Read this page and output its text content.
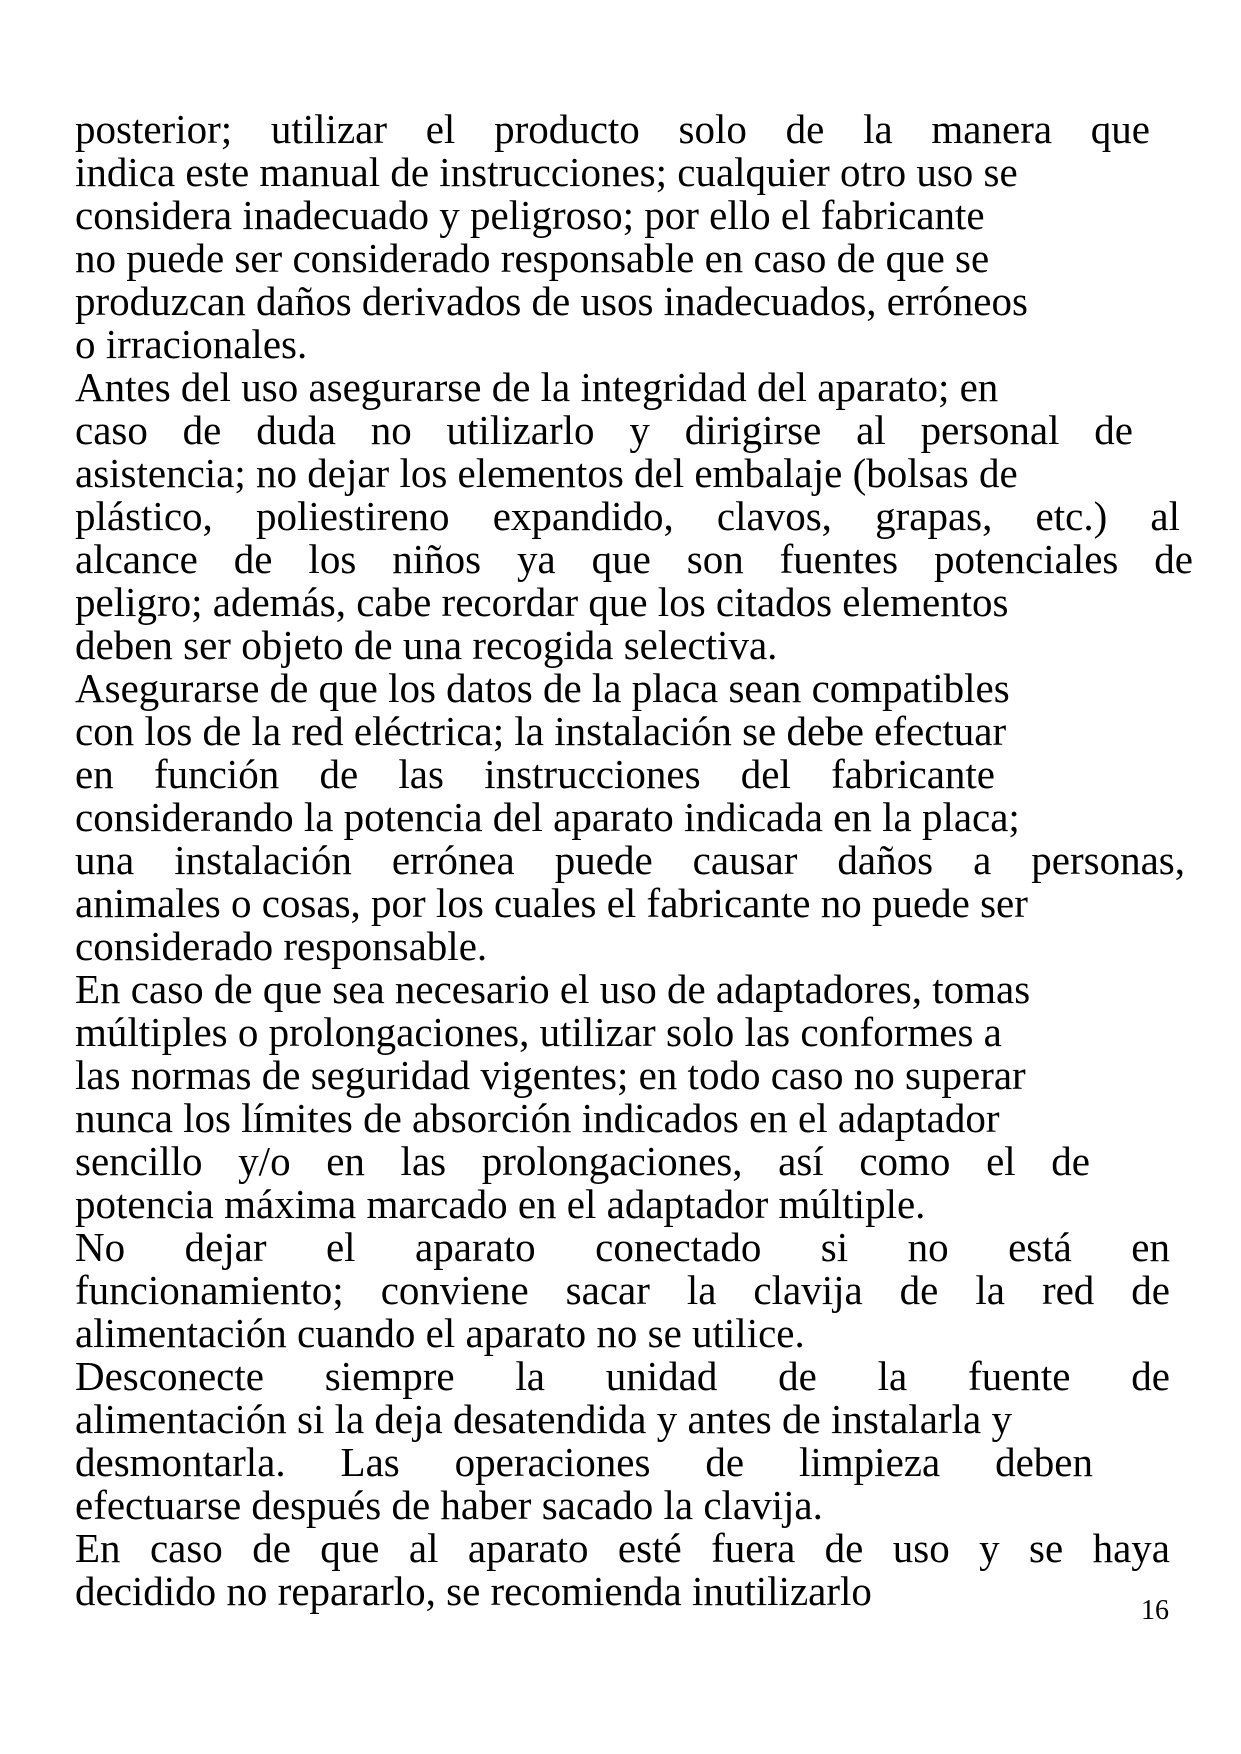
posterior; utilizar el producto solo de la manera que
indica este manual de instrucciones; cualquier otro uso se
considera inadecuado y peligroso; por ello el fabricante
no puede ser considerado responsable en caso de que se
produzcan daños derivados de usos inadecuados, erróneos
o irracionales.
Antes del uso asegurarse de la integridad del aparato; en
caso de duda no utilizarlo y dirigirse al personal de
asistencia; no dejar los elementos del embalaje (bolsas de
plástico, poliestireno expandido, clavos, grapas, etc.) al
alcance de los niños ya que son fuentes potenciales de
peligro; además, cabe recordar que los citados elementos
deben ser objeto de una recogida selectiva.
Asegurarse de que los datos de la placa sean compatibles
con los de la red eléctrica; la instalación se debe efectuar
en función de las instrucciones del fabricante
considerando la potencia del aparato indicada en la placa;
una instalación errónea puede causar daños a personas,
animales o cosas, por los cuales el fabricante no puede ser
considerado responsable.
En caso de que sea necesario el uso de adaptadores, tomas
múltiples o prolongaciones, utilizar solo las conformes a
las normas de seguridad vigentes; en todo caso no superar
nunca los límites de absorción indicados en el adaptador
sencillo y/o en las prolongaciones, así como el de
potencia máxima marcado en el adaptador múltiple.
No dejar el aparato conectado si no está en
funcionamiento; conviene sacar la clavija de la red de
alimentación cuando el aparato no se utilice.
Desconecte siempre la unidad de la fuente de
alimentación si la deja desatendida y antes de instalarla y
desmontarla. Las operaciones de limpieza deben
efectuarse después de haber sacado la clavija.
En caso de que al aparato esté fuera de uso y se haya
decidido no repararlo, se recomienda inutilizarlo	16
